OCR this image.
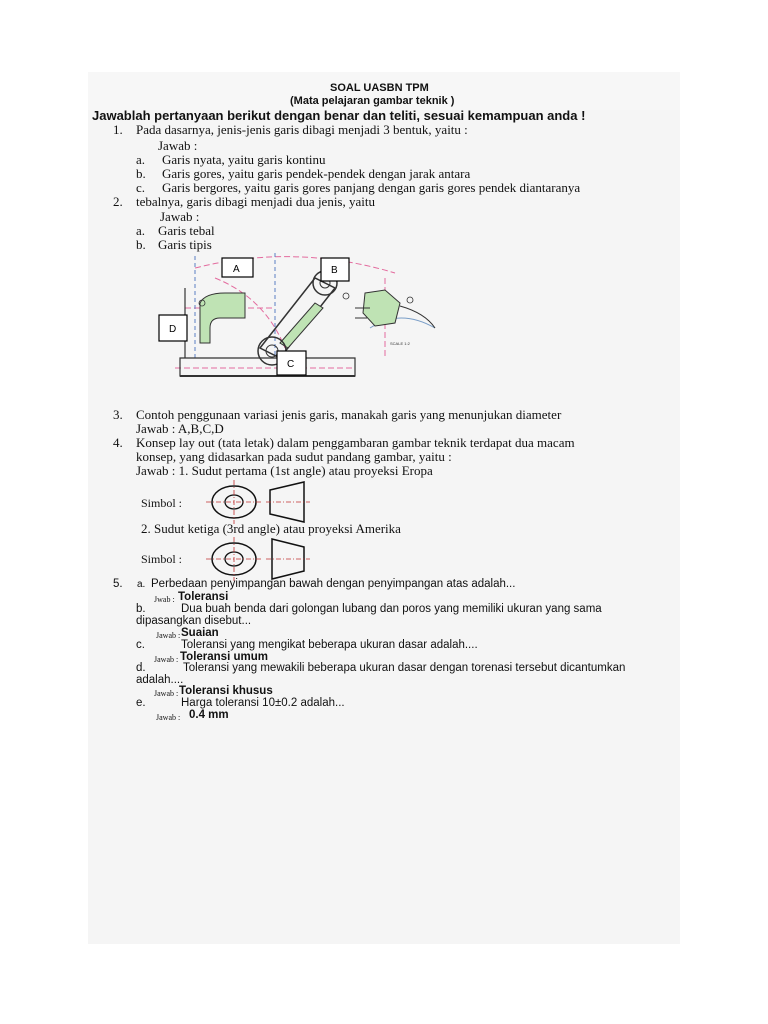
SOAL UASBN TPM
(Mata pelajaran gambar teknik )
Jawablah pertanyaan berikut dengan benar dan teliti, sesuai kemampuan anda !
1. Pada dasarnya, jenis-jenis garis dibagi menjadi 3 bentuk, yaitu :
Jawab :
a. Garis nyata, yaitu garis kontinu
b. Garis gores, yaitu garis pendek-pendek dengan jarak antara
c. Garis bergores, yaitu garis gores panjang dengan garis gores pendek diantaranya
2. tebalnya, garis dibagi menjadi dua jenis, yaitu
Jawab :
a. Garis tebal
b. Garis tipis
SCALE 1:2
A	B
D
C
3. Contoh penggunaan variasi jenis garis, manakah garis yang menunjukan diameter
Jawab : A,B,C,D
4. Konsep lay out (tata letak) dalam penggambaran gambar teknik terdapat dua macam
konsep, yang didasarkan pada sudut pandang gambar, yaitu :
Jawab : 1. Sudut pertama (1st angle) atau proyeksi Eropa
Simbol :
2. Sudut ketiga (3rd angle) atau proyeksi Amerika
Simbol :
5. a. Perbedaan penyimpangan bawah dengan penyimpangan atas adalah...
Jwab : Toleransi
b.	Dua buah benda dari golongan lubang dan poros yang memiliki ukuran yang sama
dipasangkan disebut...
Jawab : Suaian
c.	Toleransi yang mengikat beberapa ukuran dasar adalah....
Jawab : Toleransi umum
d.	Toleransi yang mewakili beberapa ukuran dasar dengan torenasi tersebut dicantumkan
adalah....
Jawab : Toleransi khusus
e.	Harga toleransi 10±0.2 adalah...
Jawab : 0.4 mm
